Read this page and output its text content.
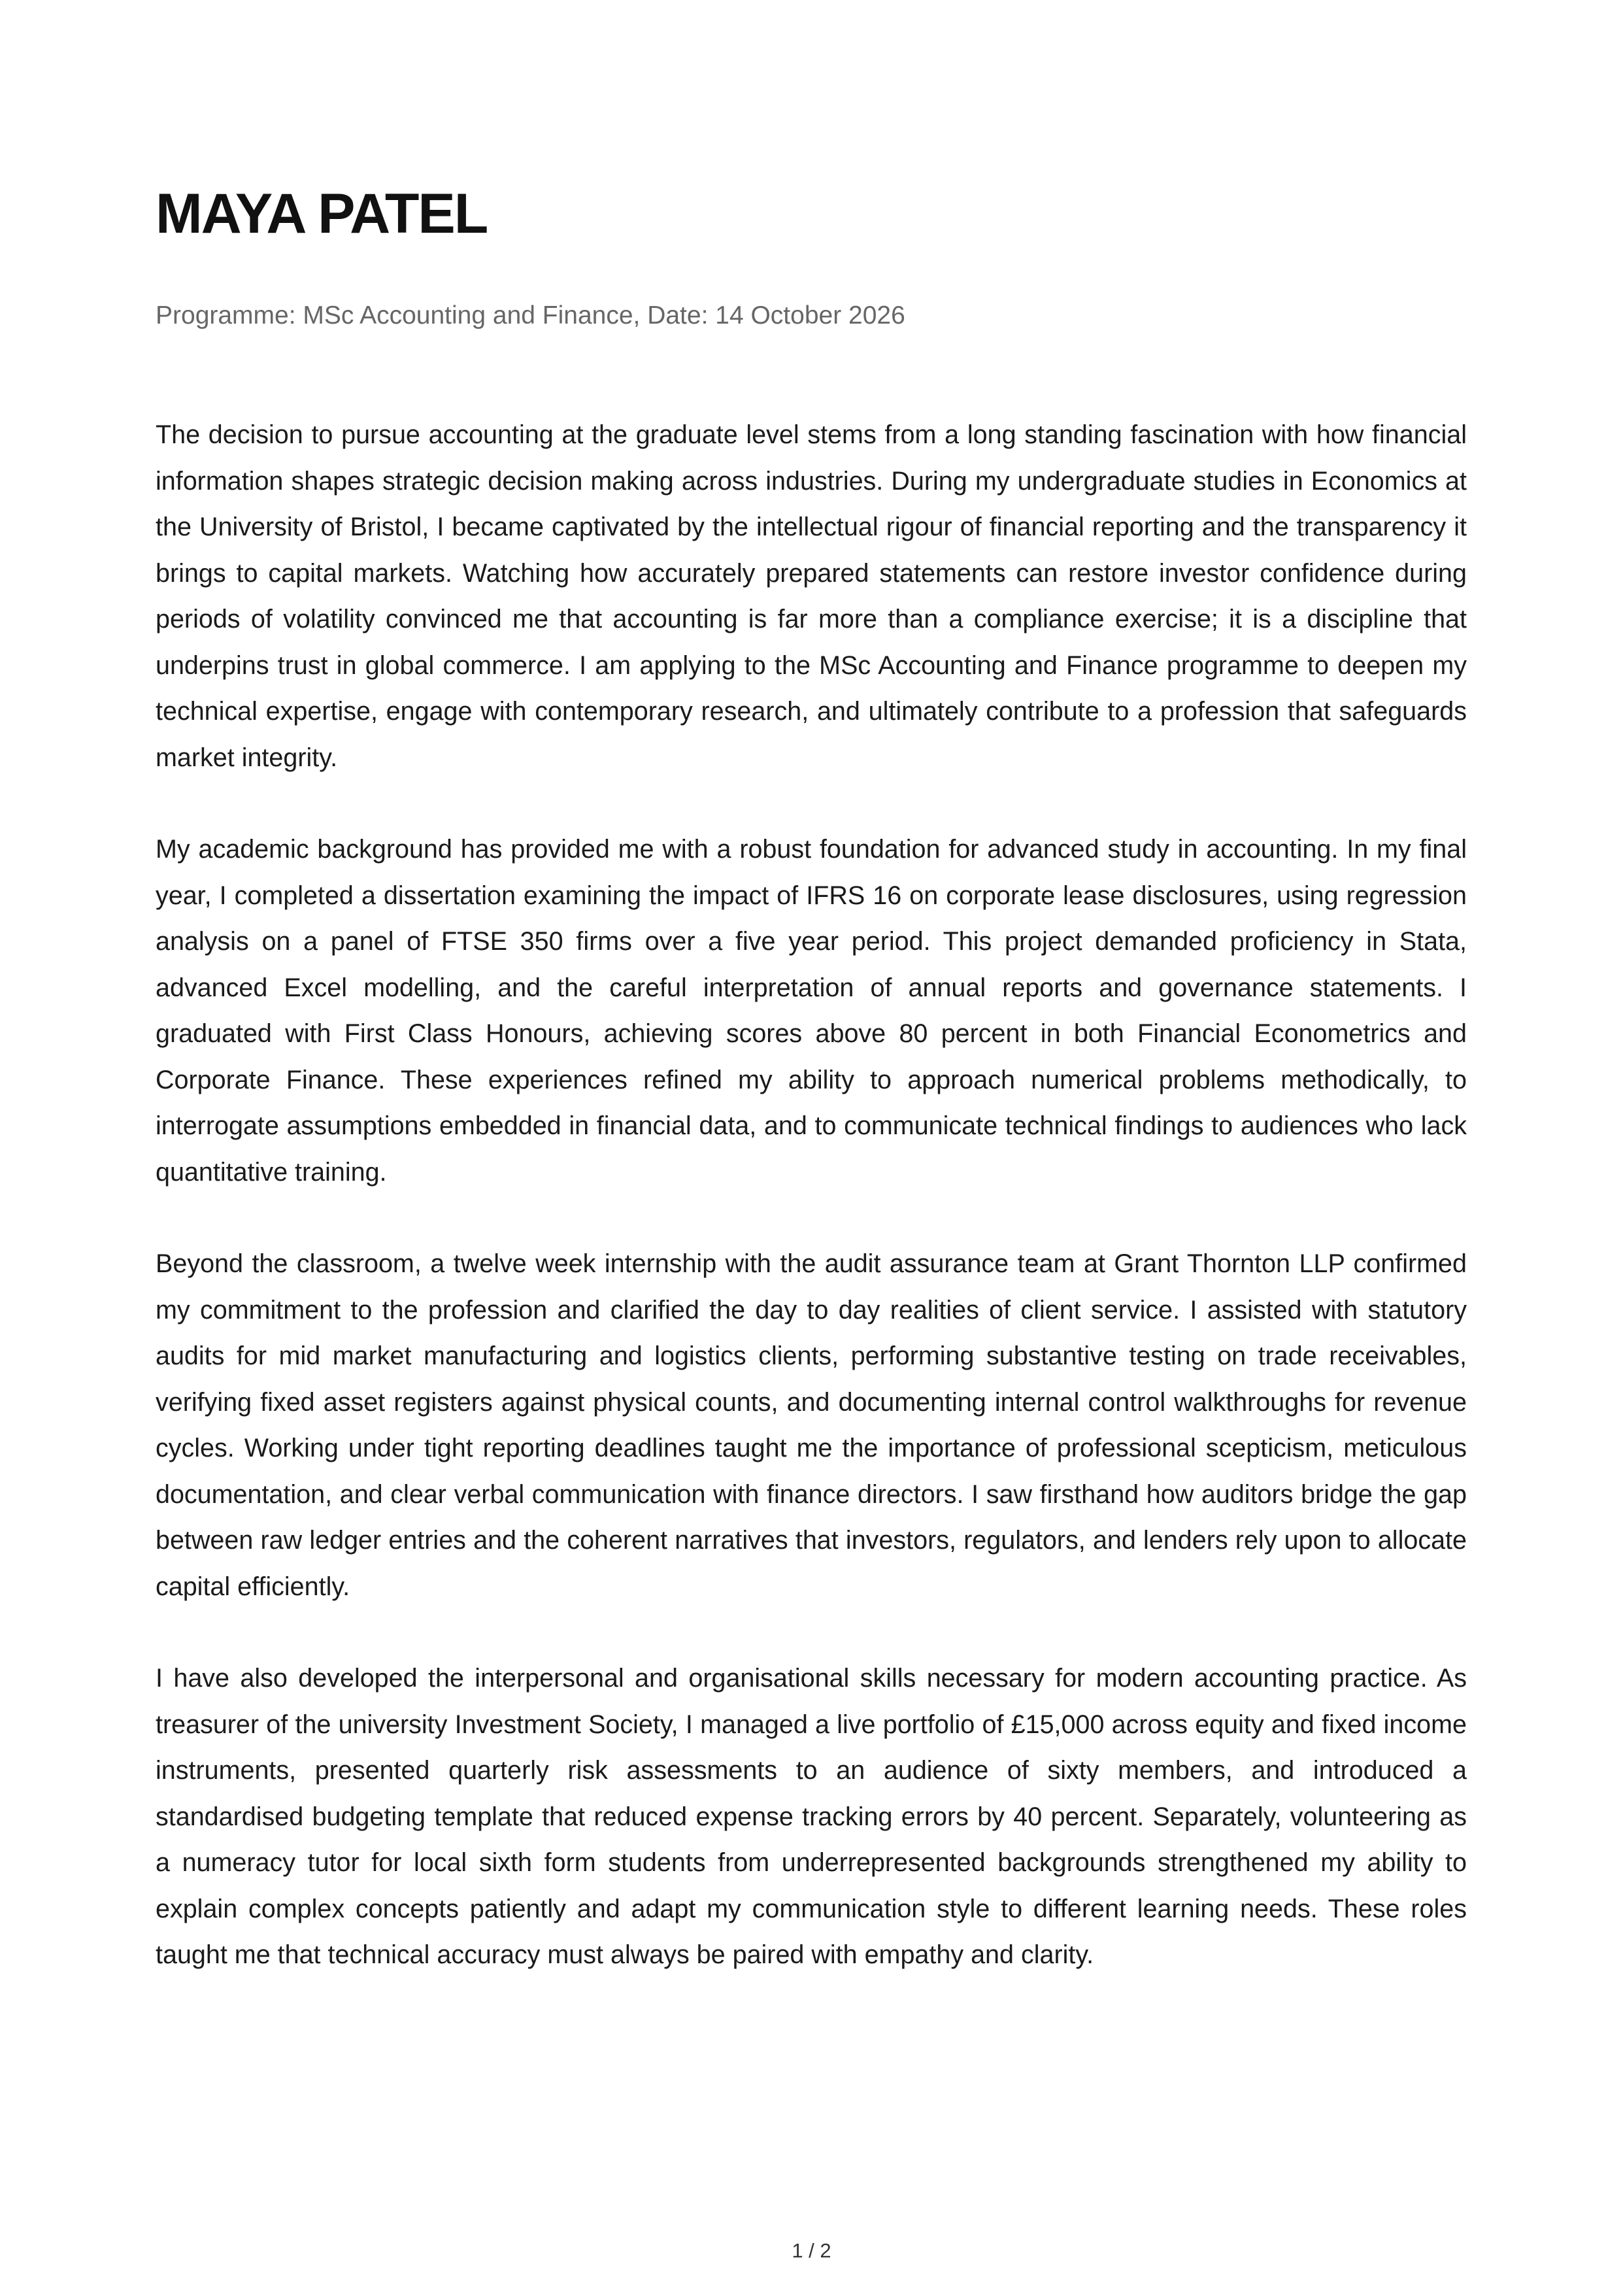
MAYA PATEL

Programme: MSc Accounting and Finance, Date: 14 October 2026

The decision to pursue accounting at the graduate level stems from a long standing fascination with how financial information shapes strategic decision making across industries. During my undergraduate studies in Economics at the University of Bristol, I became captivated by the intellectual rigour of financial reporting and the transparency it brings to capital markets. Watching how accurately prepared statements can restore investor confidence during periods of volatility convinced me that accounting is far more than a compliance exercise; it is a discipline that underpins trust in global commerce. I am applying to the MSc Accounting and Finance programme to deepen my technical expertise, engage with contemporary research, and ultimately contribute to a profession that safeguards market integrity.

My academic background has provided me with a robust foundation for advanced study in accounting. In my final year, I completed a dissertation examining the impact of IFRS 16 on corporate lease disclosures, using regression analysis on a panel of FTSE 350 firms over a five year period. This project demanded proficiency in Stata, advanced Excel modelling, and the careful interpretation of annual reports and governance statements. I graduated with First Class Honours, achieving scores above 80 percent in both Financial Econometrics and Corporate Finance. These experiences refined my ability to approach numerical problems methodically, to interrogate assumptions embedded in financial data, and to communicate technical findings to audiences who lack quantitative training.

Beyond the classroom, a twelve week internship with the audit assurance team at Grant Thornton LLP confirmed my commitment to the profession and clarified the day to day realities of client service. I assisted with statutory audits for mid market manufacturing and logistics clients, performing substantive testing on trade receivables, verifying fixed asset registers against physical counts, and documenting internal control walkthroughs for revenue cycles. Working under tight reporting deadlines taught me the importance of professional scepticism, meticulous documentation, and clear verbal communication with finance directors. I saw firsthand how auditors bridge the gap between raw ledger entries and the coherent narratives that investors, regulators, and lenders rely upon to allocate capital efficiently.

I have also developed the interpersonal and organisational skills necessary for modern accounting practice. As treasurer of the university Investment Society, I managed a live portfolio of £15,000 across equity and fixed income instruments, presented quarterly risk assessments to an audience of sixty members, and introduced a standardised budgeting template that reduced expense tracking errors by 40 percent. Separately, volunteering as a numeracy tutor for local sixth form students from underrepresented backgrounds strengthened my ability to explain complex concepts patiently and adapt my communication style to different learning needs. These roles taught me that technical accuracy must always be paired with empathy and clarity.

1 / 2
